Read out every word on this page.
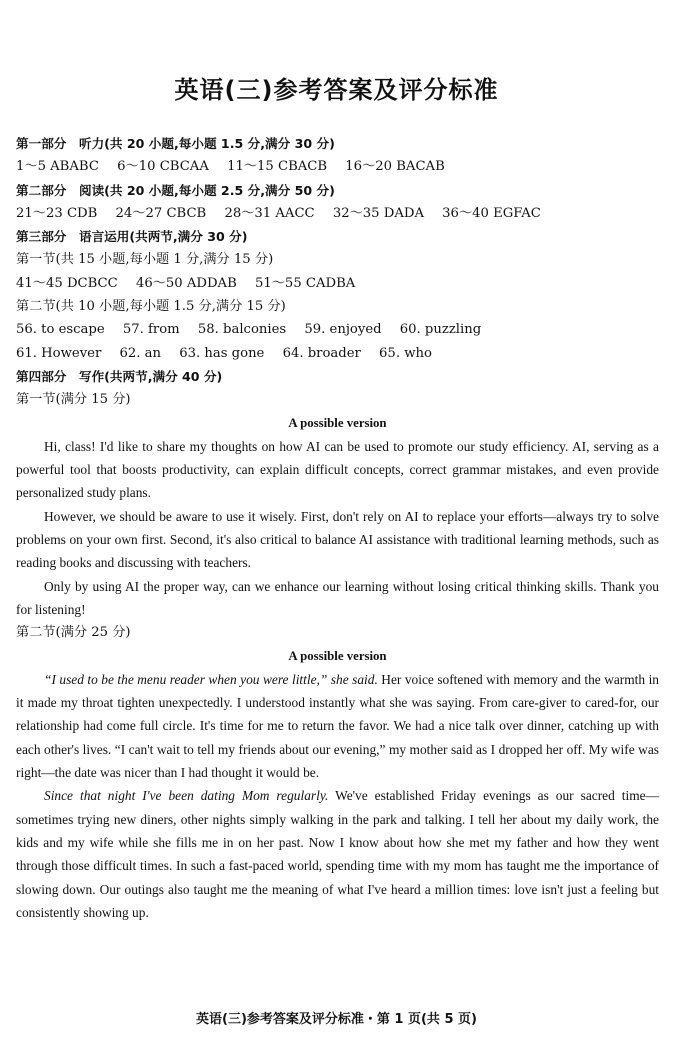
英语(三)参考答案及评分标准
第一部分　听力(共 20 小题,每小题 1.5 分,满分 30 分)
1～5 ABABC 6～10 CBCAA 11～15 CBACB 16～20 BACAB
第二部分　阅读(共 20 小题,每小题 2.5 分,满分 50 分)
21～23 CDB 24～27 CBCB 28～31 AACC 32～35 DADA 36～40 EGFAC
第三部分　语言运用(共两节,满分 30 分)
第一节(共 15 小题,每小题 1 分,满分 15 分)
41～45 DCBCC 46～50 ADDAB 51～55 CADBA
第二节(共 10 小题,每小题 1.5 分,满分 15 分)
56. to escape 57. from 58. balconies 59. enjoyed 60. puzzling
61. However 62. an 63. has gone 64. broader 65. who
第四部分　写作(共两节,满分 40 分)
第一节(满分 15 分)
A possible version

Hi, class! I'd like to share my thoughts on how AI can be used to promote our study efficiency. AI, serving as a powerful tool that boosts productivity, can explain difficult concepts, correct grammar mistakes, and even provide personalized study plans.

However, we should be aware to use it wisely. First, don't rely on AI to replace your efforts—always try to solve problems on your own first. Second, it's also critical to balance AI assistance with traditional learning methods, such as reading books and discussing with teachers.

Only by using AI the proper way, can we enhance our learning without losing critical thinking skills. Thank you for listening!

第二节(满分 25 分)
A possible version

“I used to be the menu reader when you were little,” she said. Her voice softened with memory and the warmth in it made my throat tighten unexpectedly. I understood instantly what she was saying. From care-giver to cared-for, our relationship had come full circle. It's time for me to return the favor. We had a nice talk over dinner, catching up with each other's lives. “I can't wait to tell my friends about our evening,” my mother said as I dropped her off. My wife was right—the date was nicer than I had thought it would be.

Since that night I've been dating Mom regularly. We've established Friday evenings as our sacred time—sometimes trying new diners, other nights simply walking in the park and talking. I tell her about my daily work, the kids and my wife while she fills me in on her past. Now I know about how she met my father and how they went through those difficult times. In such a fast-paced world, spending time with my mom has taught me the importance of slowing down. Our outings also taught me the meaning of what I've heard a million times: love isn't just a feeling but consistently showing up.

英语(三)参考答案及评分标准・第 1 页(共 5 页)
